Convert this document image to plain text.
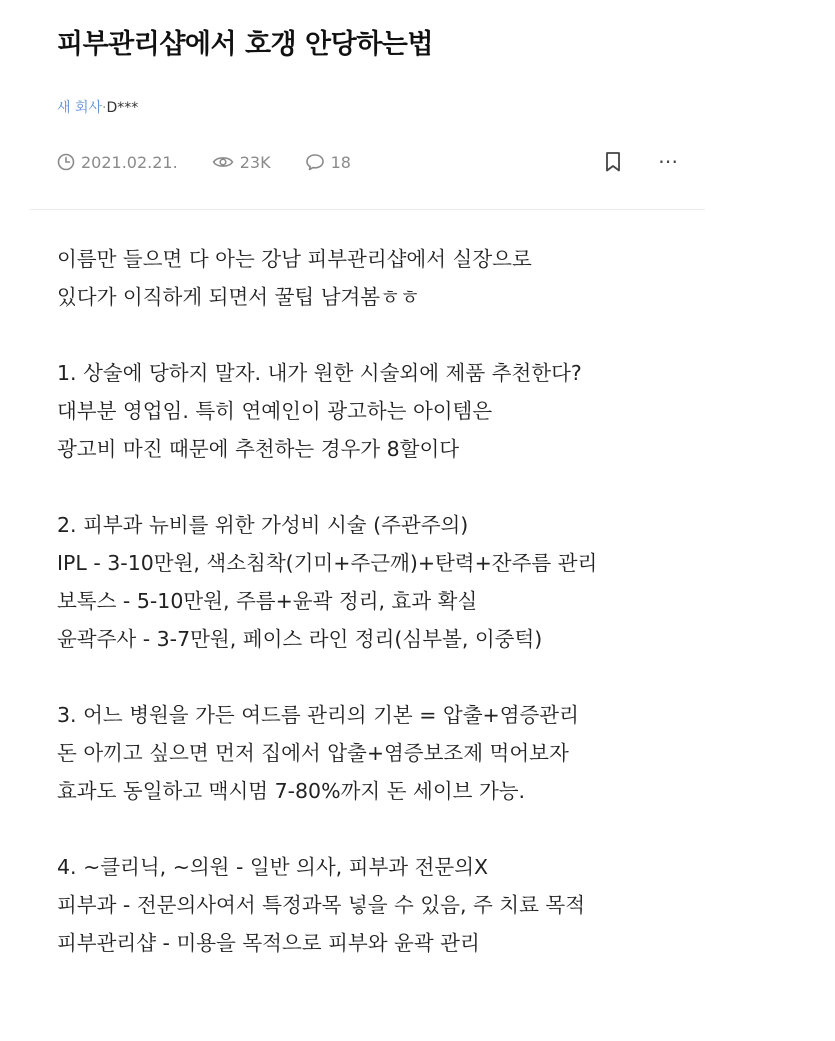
피부관리샵에서 호갱 안당하는법
새 회사·D***
2021.02.21.	23K	18	⋯
이름만 들으면 다 아는 강남 피부관리샵에서 실장으로
있다가 이직하게 되면서 꿀팁 남겨봄ㅎㅎ
1. 상술에 당하지 말자. 내가 원한 시술외에 제품 추천한다?
대부분 영업임. 특히 연예인이 광고하는 아이템은
광고비 마진 때문에 추천하는 경우가 8할이다
2. 피부과 뉴비를 위한 가성비 시술 (주관주의)
IPL - 3-10만원, 색소침착(기미+주근깨)+탄력+잔주름 관리
보톡스 - 5-10만원, 주름+윤곽 정리, 효과 확실
윤곽주사 - 3-7만원, 페이스 라인 정리(심부볼, 이중턱)
3. 어느 병원을 가든 여드름 관리의 기본 = 압출+염증관리
돈 아끼고 싶으면 먼저 집에서 압출+염증보조제 먹어보자
효과도 동일하고 맥시멈 7-80%까지 돈 세이브 가능.
4. ~클리닉, ~의원 - 일반 의사, 피부과 전문의X
피부과 - 전문의사여서 특정과목 넣을 수 있음, 주 치료 목적
피부관리샵 - 미용을 목적으로 피부와 윤곽 관리
